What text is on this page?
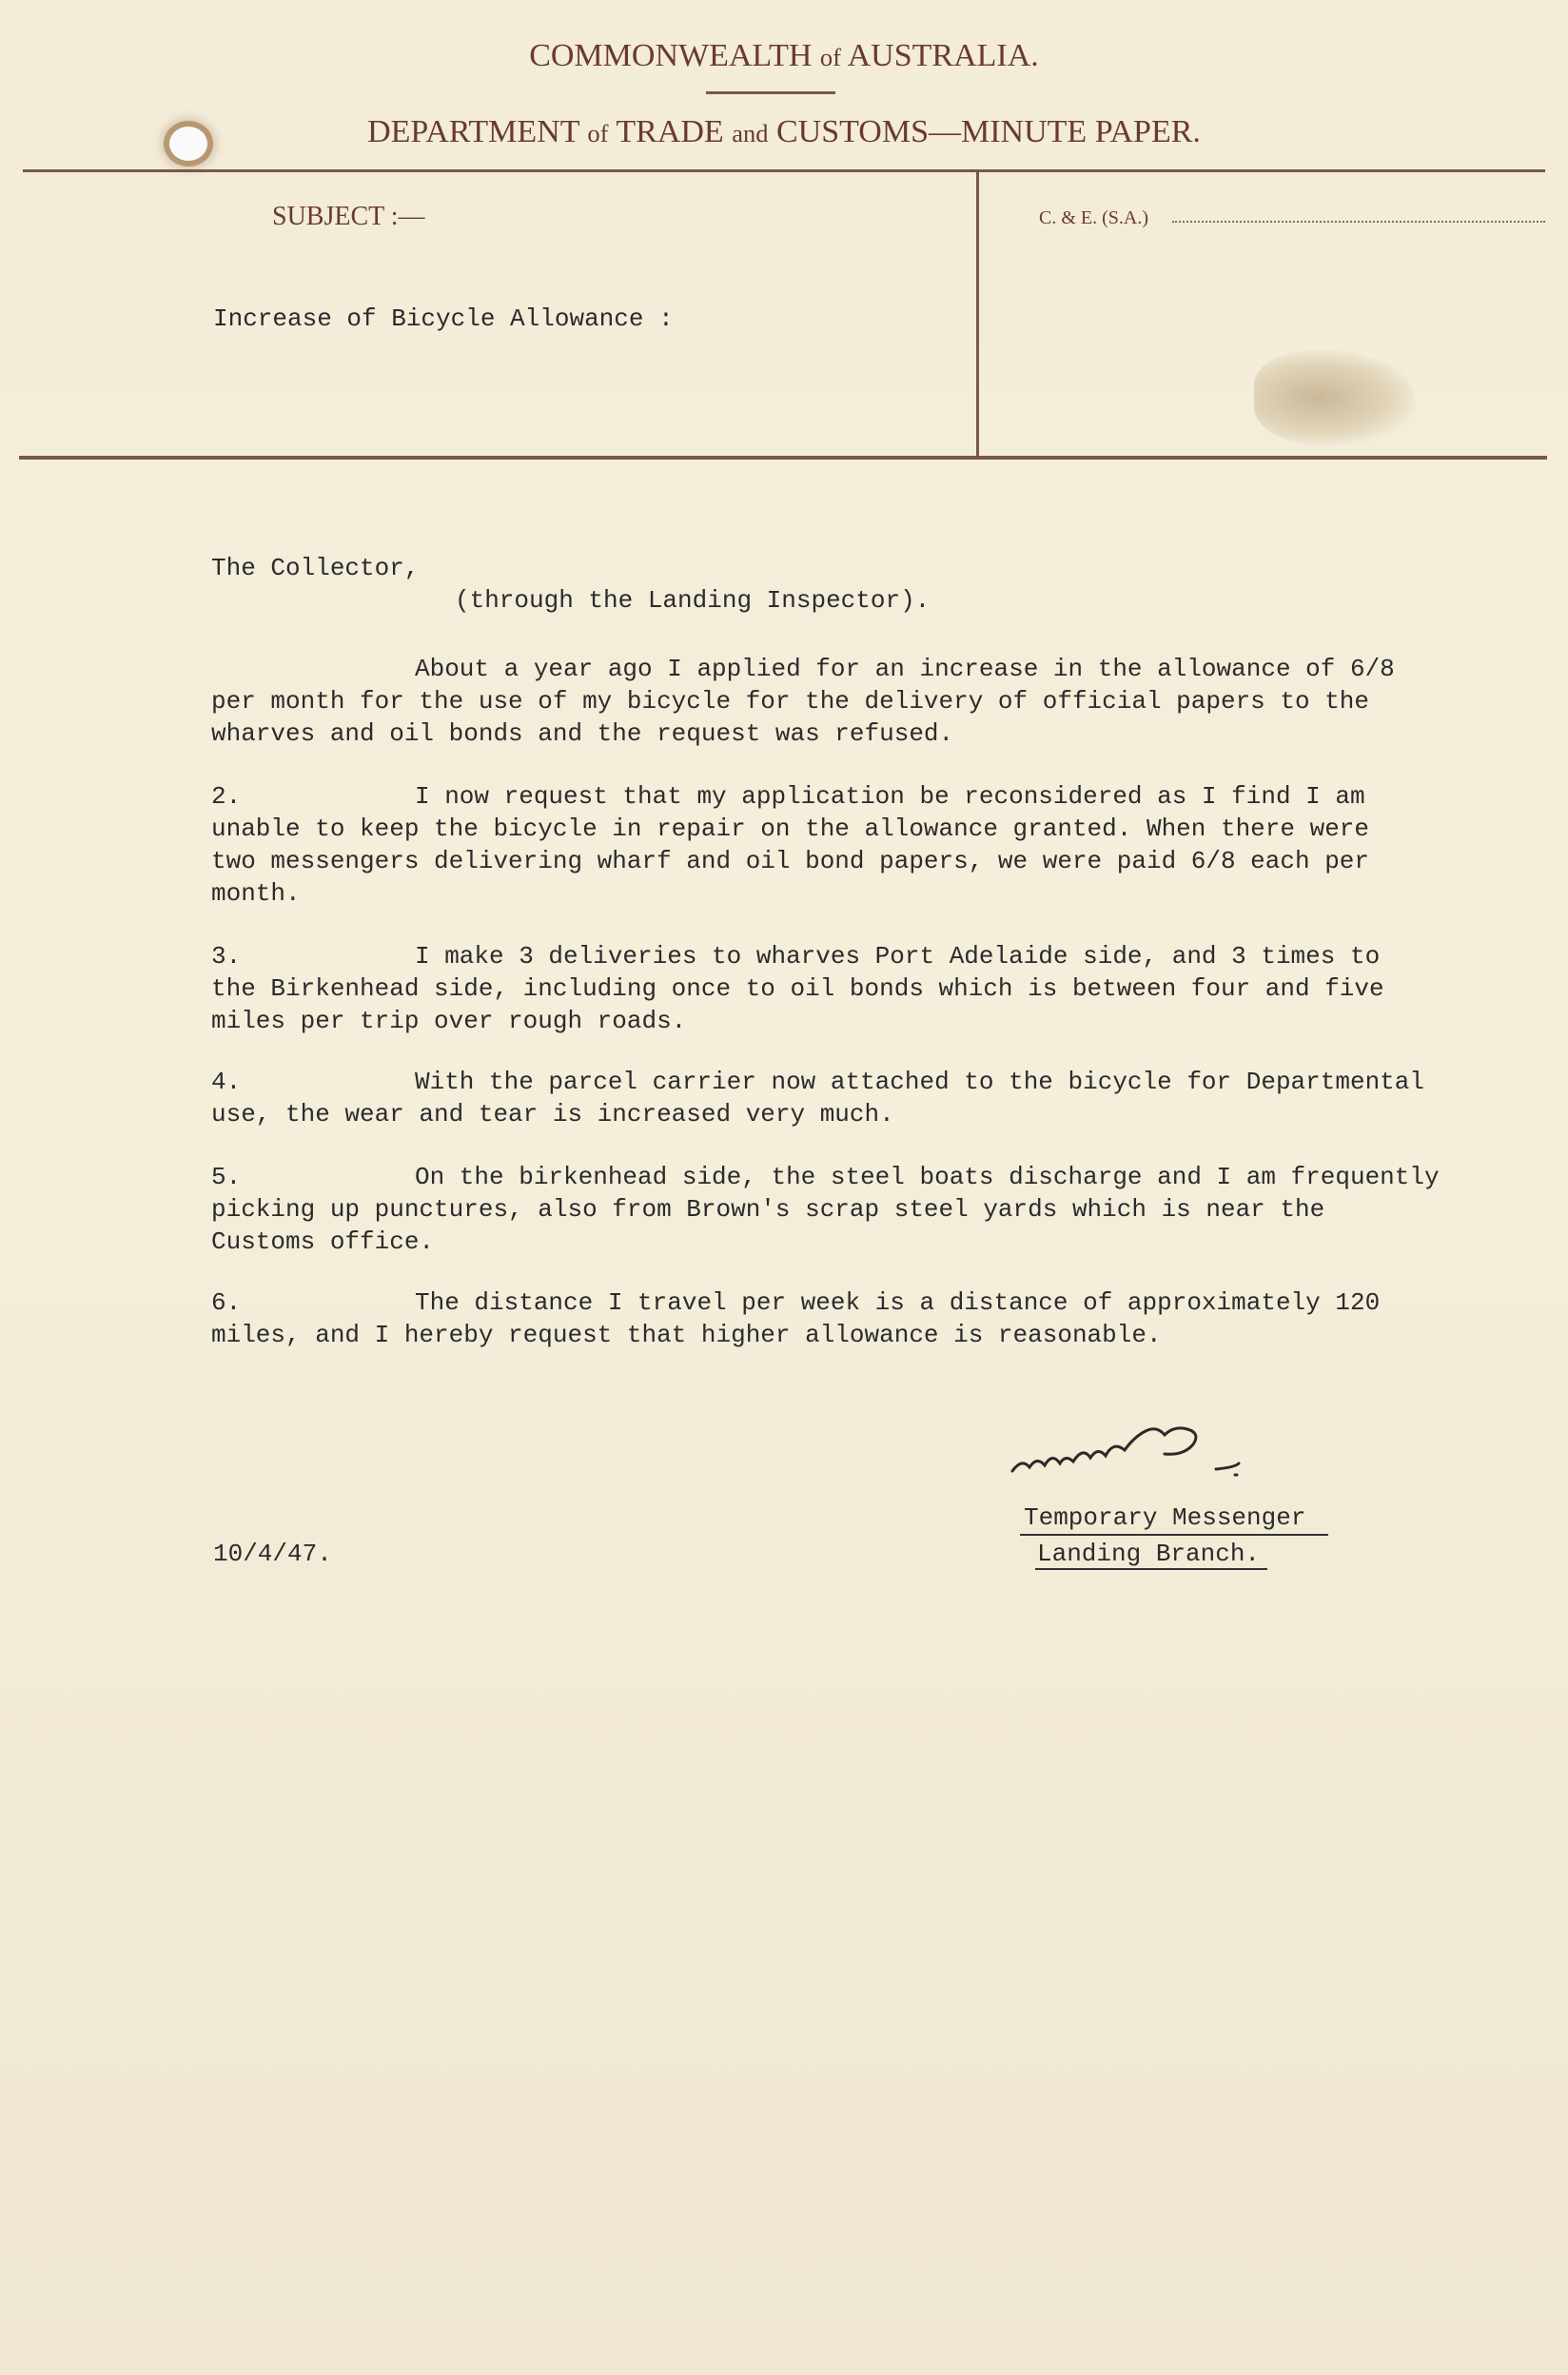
COMMONWEALTH of AUSTRALIA.
DEPARTMENT of TRADE and CUSTOMS—MINUTE PAPER.
SUBJECT :—
Increase of Bicycle Allowance :
C. & E. (S.A.)
The Collector,
(through the Landing Inspector).
About a year ago I applied for an increase in the allowance of 6/8
per month for the use of my bicycle for the delivery of official papers to the
wharves and oil bonds and the request was refused.
2.	I now request that my application be reconsidered as I find I am
unable to keep the bicycle in repair on the allowance granted. When there were
two messengers delivering wharf and oil bond papers, we were paid 6/8 each per
month.
3.	I make 3 deliveries to wharves Port Adelaide side, and 3 times to
the Birkenhead side, including once to oil bonds which is between four and five
miles per trip over rough roads.
4.	With the parcel carrier now attached to the bicycle for Departmental
use, the wear and tear is increased very much.
5.	On the birkenhead side, the steel boats discharge and I am frequently
picking up punctures, also from Brown's scrap steel yards which is near the
Customs office.
6.	The distance I travel per week is a distance of approximately 120
miles, and I hereby request that higher allowance is reasonable.
Temporary Messenger
Landing Branch.
10/4/47.
